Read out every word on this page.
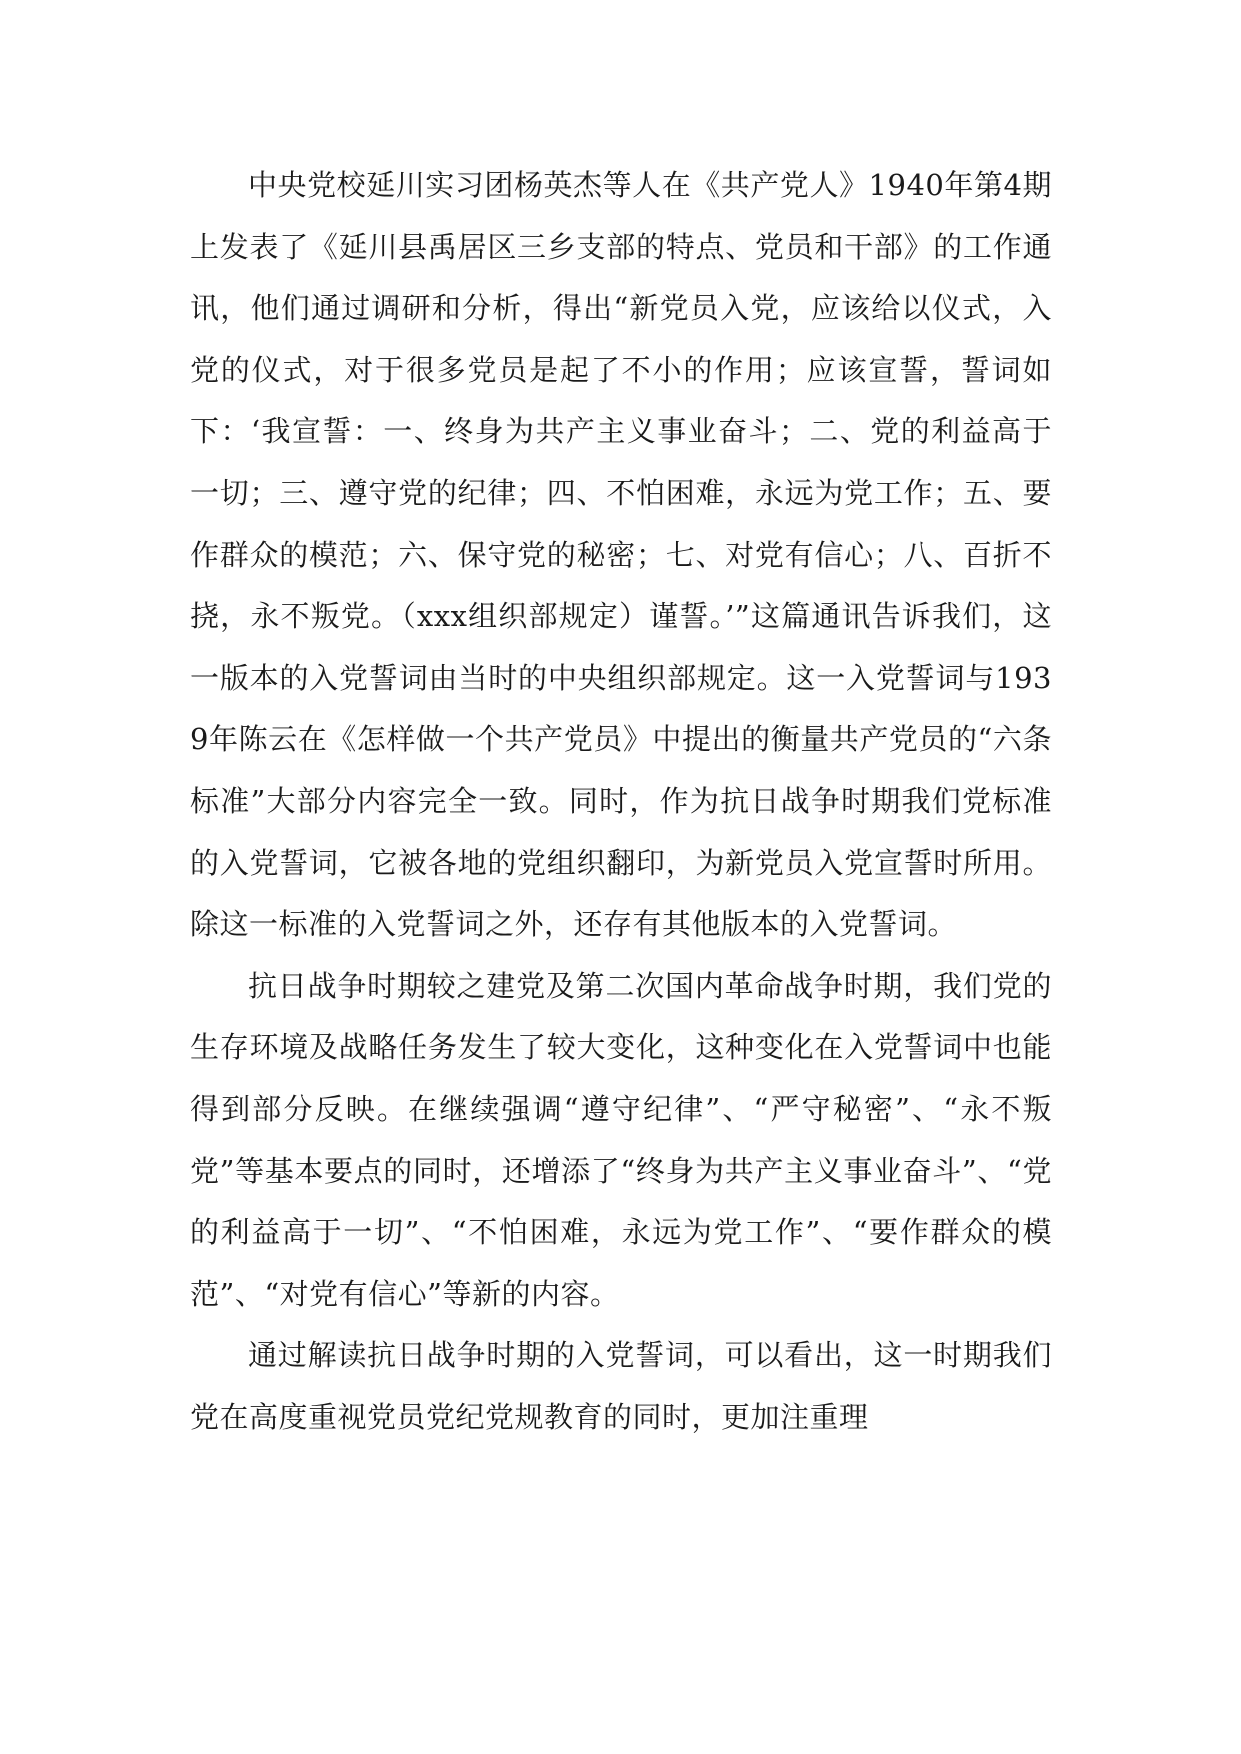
中央党校延川实习团杨英杰等人在《共产党人》1940年第4期上发表了《延川县禹居区三乡支部的特点、党员和干部》的工作通讯，他们通过调研和分析，得出“新党员入党，应该给以仪式，入党的仪式，对于很多党员是起了不小的作用；应该宣誓，誓词如下：‘我宣誓：一、终身为共产主义事业奋斗；二、党的利益高于一切；三、遵守党的纪律；四、不怕困难，永远为党工作；五、要作群众的模范；六、保守党的秘密；七、对党有信心；八、百折不挠，永不叛党。（xxx组织部规定）谨誓。’”这篇通讯告诉我们，这一版本的入党誓词由当时的中央组织部规定。这一入党誓词与1939年陈云在《怎样做一个共产党员》中提出的衡量共产党员的“六条标准”大部分内容完全一致。同时，作为抗日战争时期我们党标准的入党誓词，它被各地的党组织翻印，为新党员入党宣誓时所用。除这一标准的入党誓词之外，还存有其他版本的入党誓词。

抗日战争时期较之建党及第二次国内革命战争时期，我们党的生存环境及战略任务发生了较大变化，这种变化在入党誓词中也能得到部分反映。在继续强调“遵守纪律”、“严守秘密”、“永不叛党”等基本要点的同时，还增添了“终身为共产主义事业奋斗”、“党的利益高于一切”、“不怕困难，永远为党工作”、“要作群众的模范”、“对党有信心”等新的内容。

通过解读抗日战争时期的入党誓词，可以看出，这一时期我们党在高度重视党员党纪党规教育的同时，更加注重理
